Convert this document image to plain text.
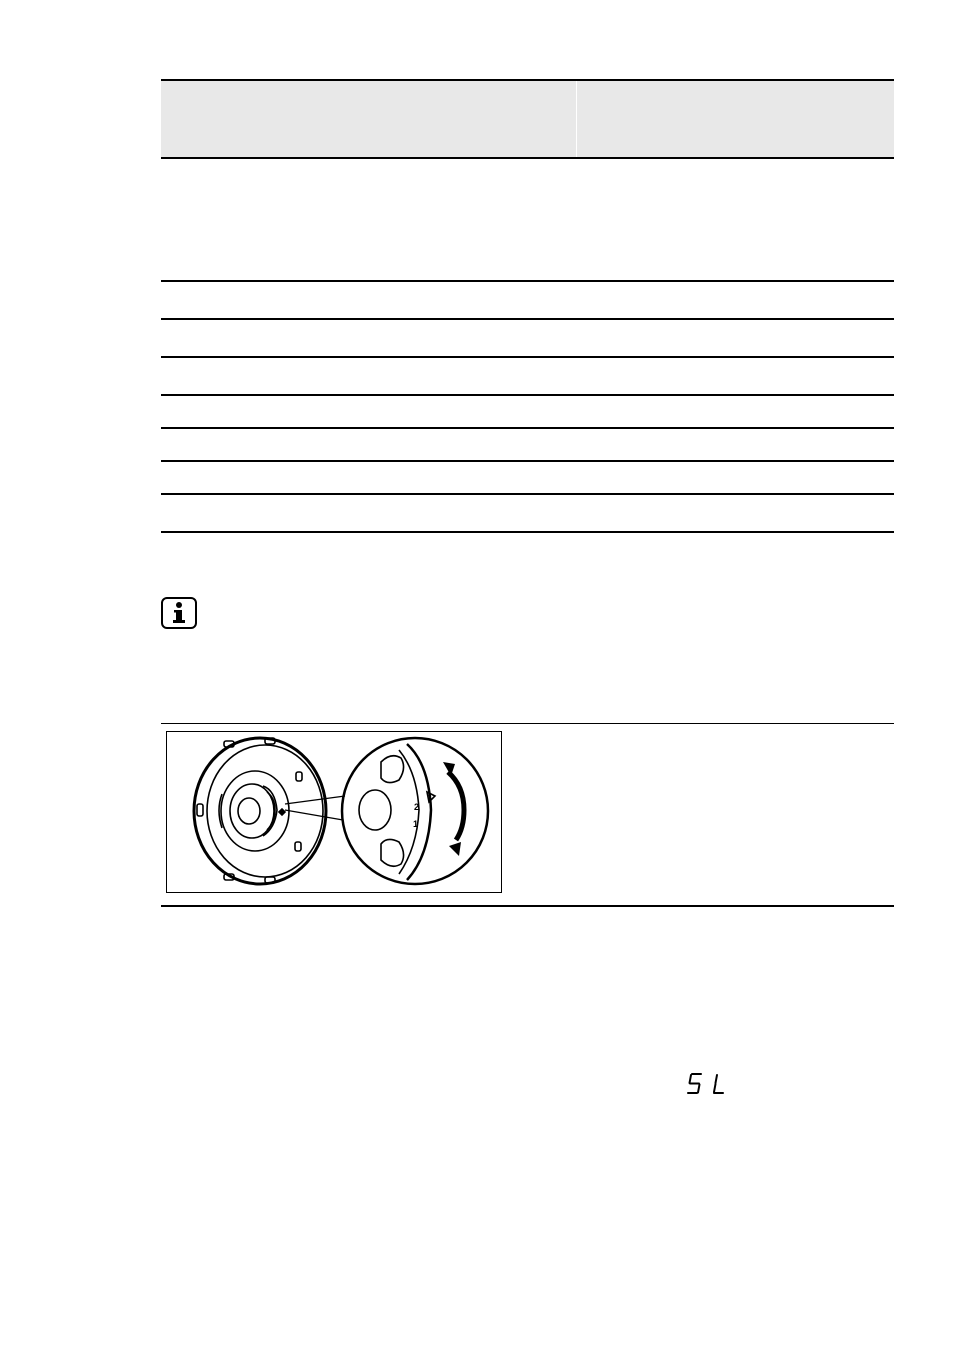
2
1
